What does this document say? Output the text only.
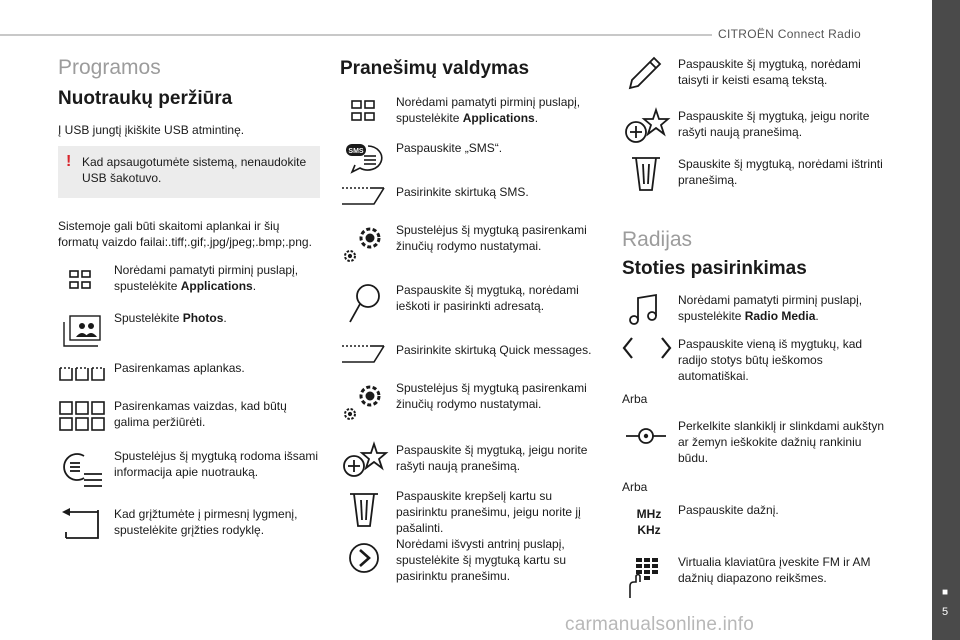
CITROËN Connect Radio
■
5
carmanualsonline.info
Programos
Nuotraukų peržiūra
Į USB jungtį įkiškite USB atmintinę.
! Kad apsaugotumėte sistemą, nenaudokite USB šakotuvo.
Sistemoje gali būti skaitomi aplankai ir šių formatų vaizdo failai:.tiff;.gif;.jpg/jpeg;.bmp;.png.
Norėdami pamatyti pirminį puslapį, spustelėkite Applications.
Spustelėkite Photos.
Pasirenkamas aplankas.
Pasirenkamas vaizdas, kad būtų galima peržiūrėti.
Spustelėjus šį mygtuką rodoma išsami informacija apie nuotrauką.
Kad grįžtumėte į pirmesnį lygmenį, spustelėkite grįžties rodyklę.
Pranešimų valdymas
Norėdami pamatyti pirminį puslapį, spustelėkite Applications.
SMS	Paspauskite „SMS“.
Pasirinkite skirtuką SMS.
Spustelėjus šį mygtuką pasirenkami žinučių rodymo nustatymai.
Paspauskite šį mygtuką, norėdami ieškoti ir pasirinkti adresatą.
Pasirinkite skirtuką Quick messages.
Spustelėjus šį mygtuką pasirenkami žinučių rodymo nustatymai.
Paspauskite šį mygtuką, jeigu norite rašyti naują pranešimą.
Paspauskite krepšelį kartu su pasirinktu pranešimu, jeigu norite jį pašalinti.
Norėdami išvysti antrinį puslapį, spustelėkite šį mygtuką kartu su pasirinktu pranešimu.
Paspauskite šį mygtuką, norėdami taisyti ir keisti esamą tekstą.
Paspauskite šį mygtuką, jeigu norite rašyti naują pranešimą.
Spauskite šį mygtuką, norėdami ištrinti pranešimą.
Radijas
Stoties pasirinkimas
Norėdami pamatyti pirminį puslapį, spustelėkite Radio Media.
Paspauskite vieną iš mygtukų, kad radijo stotys būtų ieškomos automatiškai.
Arba
Perkelkite slankiklį ir slinkdami aukštyn ar žemyn ieškokite dažnių rankiniu būdu.
Arba
MHz
KHz
Paspauskite dažnį.
Virtualia klaviatūra įveskite FM ir AM dažnių diapazono reikšmes.
